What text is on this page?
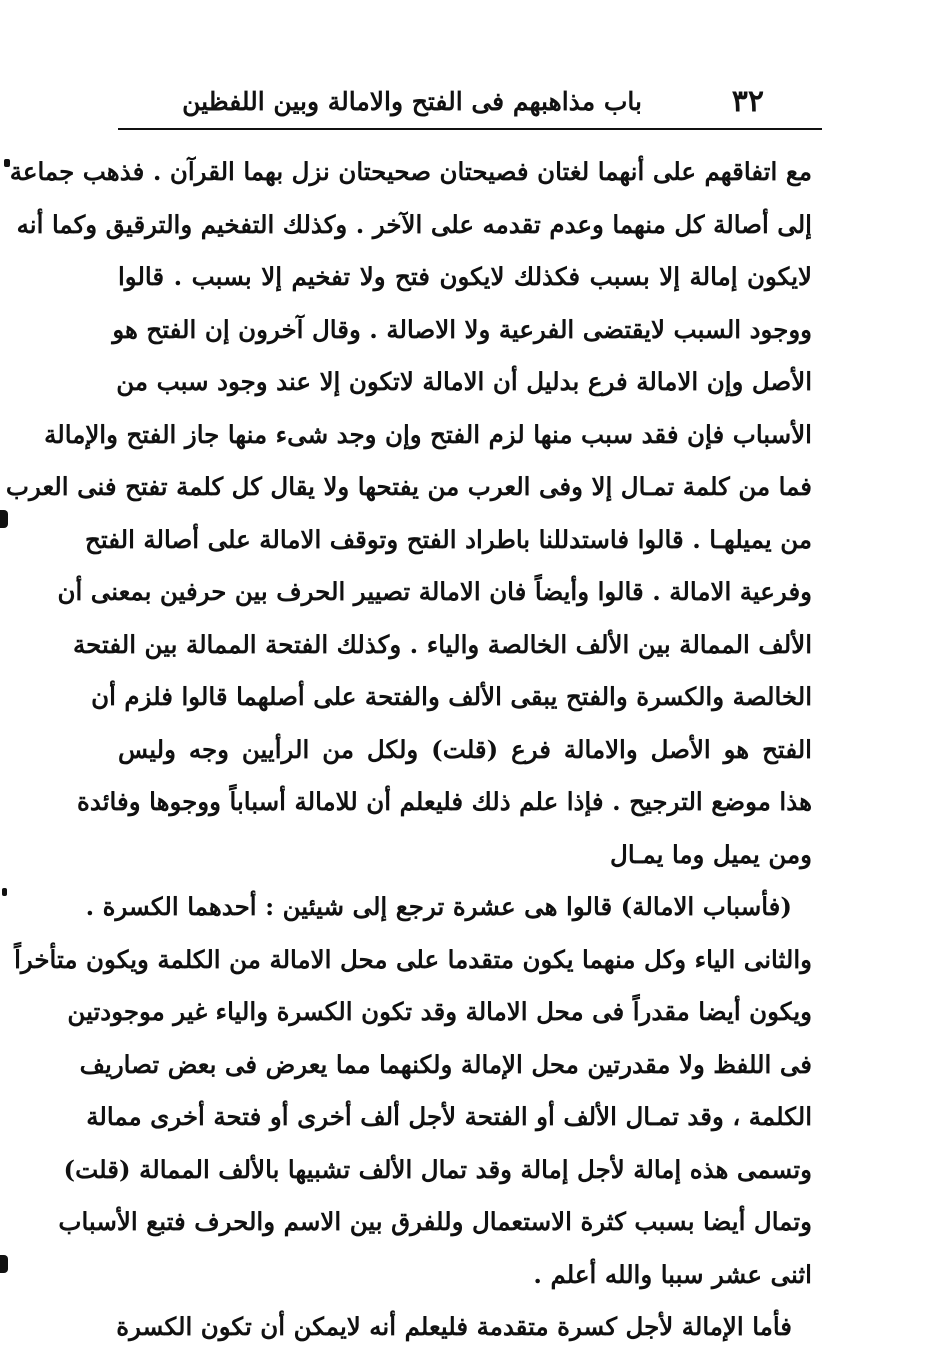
٣٢
باب مذاهبهم فى الفتح والامالة وبين اللفظين
مع اتفاقهم على أنهما لغتان فصيحتان صحيحتان نزل بهما القرآن . فذهب جماعة
إلى أصالة كل منهما وعدم تقدمه على الآخر . وكذلك التفخيم والترقيق وكما أنه
لايكون إمالة إلا بسبب فكذلك لايكون فتح ولا تفخيم إلا بسبب . قالوا
ووجود السبب لايقتضى الفرعية ولا الاصالة . وقال آخرون إن الفتح هو
الأصل وإن الامالة فرع بدليل أن الامالة لاتكون إلا عند وجود سبب من
الأسباب فإن فقد سبب منها لزم الفتح وإن وجد شىء منها جاز الفتح والإمالة
فما من كلمة تمـال إلا وفى العرب من يفتحها ولا يقال كل كلمة تفتح فنى العرب
من يميلهـا . قالوا فاستدللنا باطراد الفتح وتوقف الامالة على أصالة الفتح
وفرعية الامالة . قالوا وأيضاً فان الامالة تصيير الحرف بين حرفين بمعنى أن
الألف الممالة بين الألف الخالصة والياء . وكذلك الفتحة الممالة بين الفتحة
الخالصة والكسرة والفتح يبقى الألف والفتحة على أصلهما قالوا فلزم أن
الفتح هو الأصل والامالة فرع (قلت) ولكل من الرأيين وجه وليس
هذا موضع الترجيح . فإذا علم ذلك فليعلم أن للامالة أسباباً ووجوها وفائدة
ومن يميل وما يمـال
(فأسباب الامالة) قالوا هى عشرة ترجع إلى شيئين : أحدهما الكسرة .
والثانى الياء وكل منهما يكون متقدما على محل الامالة من الكلمة ويكون متأخراً
ويكون أيضا مقدراً فى محل الامالة وقد تكون الكسرة والياء غير موجودتين
فى اللفظ ولا مقدرتين محل الإمالة ولكنهما مما يعرض فى بعض تصاريف
الكلمة ، وقد تمـال الألف أو الفتحة لأجل ألف أخرى أو فتحة أخرى ممالة
وتسمى هذه إمالة لأجل إمالة وقد تمال الألف تشبيها بالألف الممالة (قلت)
وتمال أيضا بسبب كثرة الاستعمال وللفرق بين الاسم والحرف فتبع الأسباب
اثنى عشر سببا والله أعلم .
فأما الإمالة لأجل كسرة متقدمة فليعلم أنه لايمكن أن تكون الكسرة
